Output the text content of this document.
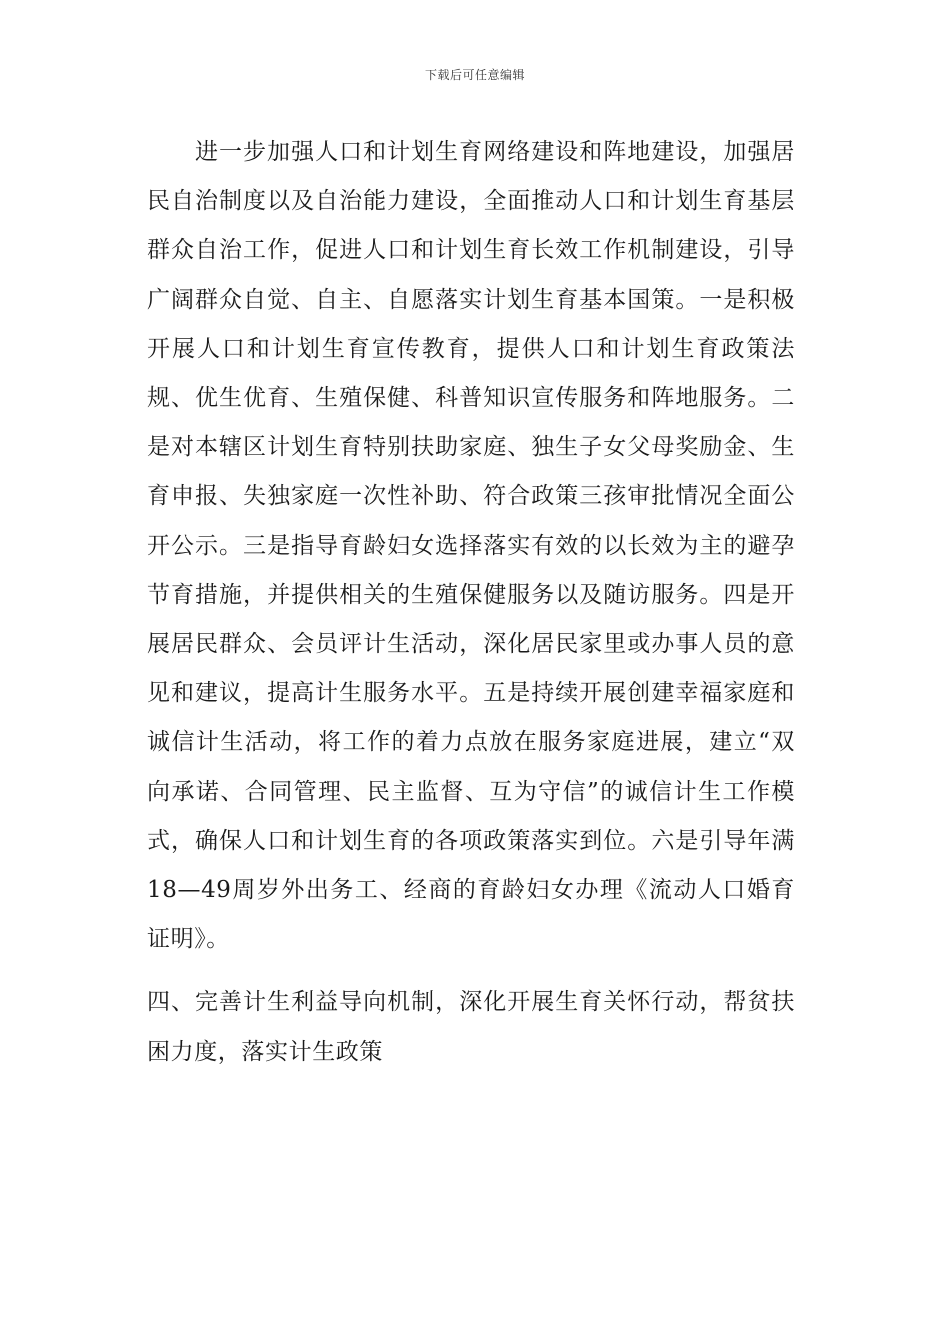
下载后可任意编辑

进一步加强人口和计划生育网络建设和阵地建设，加强居民自治制度以及自治能力建设，全面推动人口和计划生育基层群众自治工作，促进人口和计划生育长效工作机制建设，引导广阔群众自觉、自主、自愿落实计划生育基本国策。一是积极开展人口和计划生育宣传教育，提供人口和计划生育政策法规、优生优育、生殖保健、科普知识宣传服务和阵地服务。二是对本辖区计划生育特别扶助家庭、独生子女父母奖励金、生育申报、失独家庭一次性补助、符合政策三孩审批情况全面公开公示。三是指导育龄妇女选择落实有效的以长效为主的避孕节育措施，并提供相关的生殖保健服务以及随访服务。四是开展居民群众、会员评计生活动，深化居民家里或办事人员的意见和建议，提高计生服务水平。五是持续开展创建幸福家庭和诚信计生活动，将工作的着力点放在服务家庭进展，建立“双向承诺、合同管理、民主监督、互为守信”的诚信计生工作模式，确保人口和计划生育的各项政策落实到位。六是引导年满18—49周岁外出务工、经商的育龄妇女办理《流动人口婚育证明》。

四、完善计生利益导向机制，深化开展生育关怀行动，帮贫扶困力度，落实计生政策
